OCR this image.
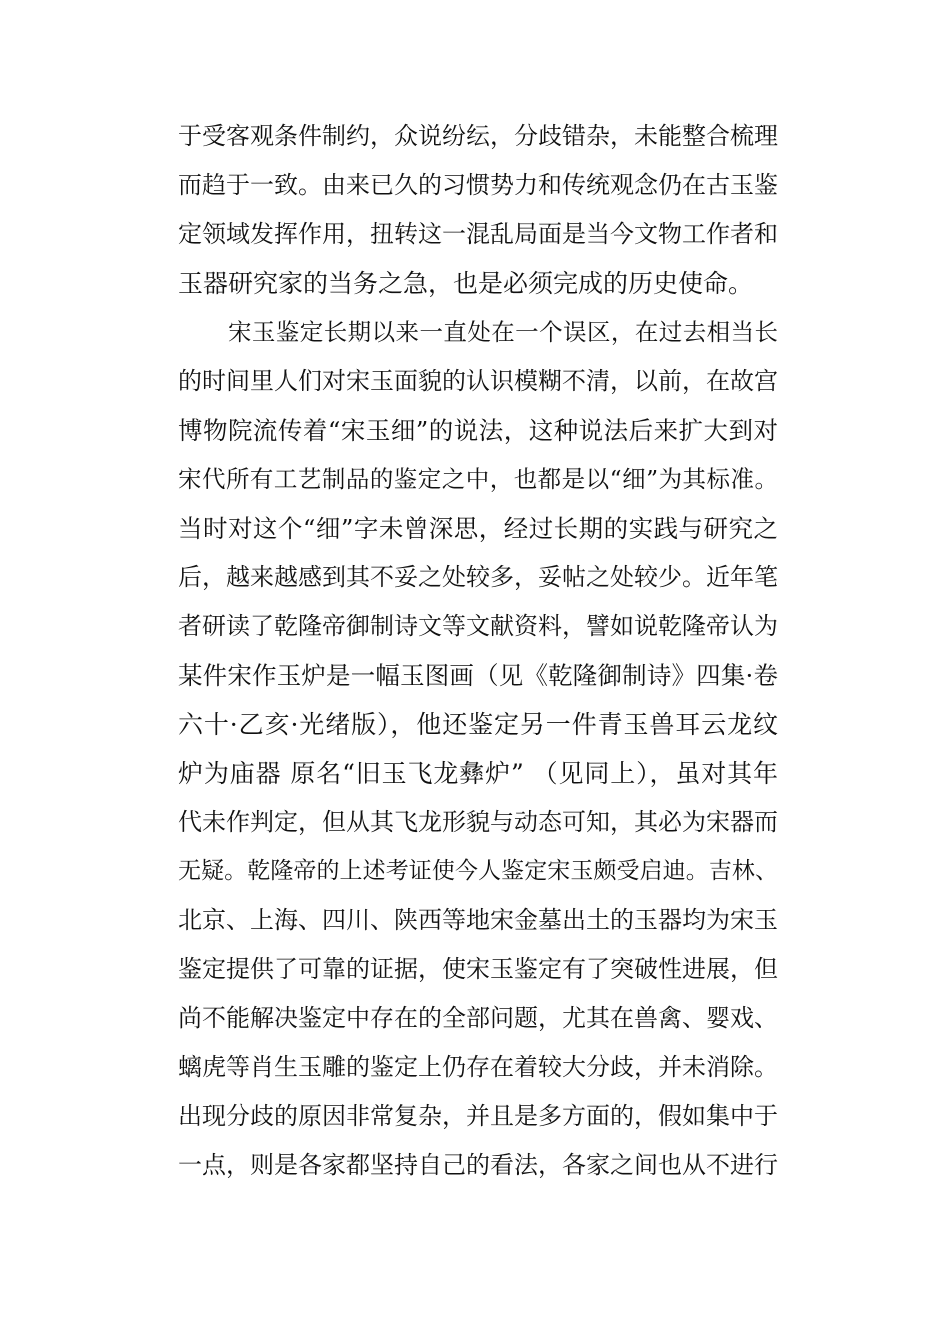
于受客观条件制约，众说纷纭，分歧错杂，未能整合梳理
而趋于一致。由来已久的习惯势力和传统观念仍在古玉鉴
定领域发挥作用，扭转这一混乱局面是当今文物工作者和
玉器研究家的当务之急，也是必须完成的历史使命。
宋玉鉴定长期以来一直处在一个误区，在过去相当长
的时间里人们对宋玉面貌的认识模糊不清，以前，在故宫
博物院流传着“宋玉细”的说法，这种说法后来扩大到对
宋代所有工艺制品的鉴定之中，也都是以“细”为其标准。
当时对这个“细”字未曾深思，经过长期的实践与研究之
后，越来越感到其不妥之处较多，妥帖之处较少。近年笔
者研读了乾隆帝御制诗文等文献资料，譬如说乾隆帝认为
某件宋作玉炉是一幅玉图画（见《乾隆御制诗》四集·卷
六十·乙亥·光绪版），他还鉴定另一件青玉兽耳云龙纹
炉为庙器 原名“旧玉飞龙彝炉” （见同上），虽对其年
代未作判定，但从其飞龙形貌与动态可知，其必为宋器而
无疑。乾隆帝的上述考证使今人鉴定宋玉颇受启迪。吉林、
北京、上海、四川、陕西等地宋金墓出土的玉器均为宋玉
鉴定提供了可靠的证据，使宋玉鉴定有了突破性进展，但
尚不能解决鉴定中存在的全部问题，尤其在兽禽、婴戏、
螭虎等肖生玉雕的鉴定上仍存在着较大分歧，并未消除。
出现分歧的原因非常复杂，并且是多方面的，假如集中于
一点，则是各家都坚持自己的看法，各家之间也从不进行
